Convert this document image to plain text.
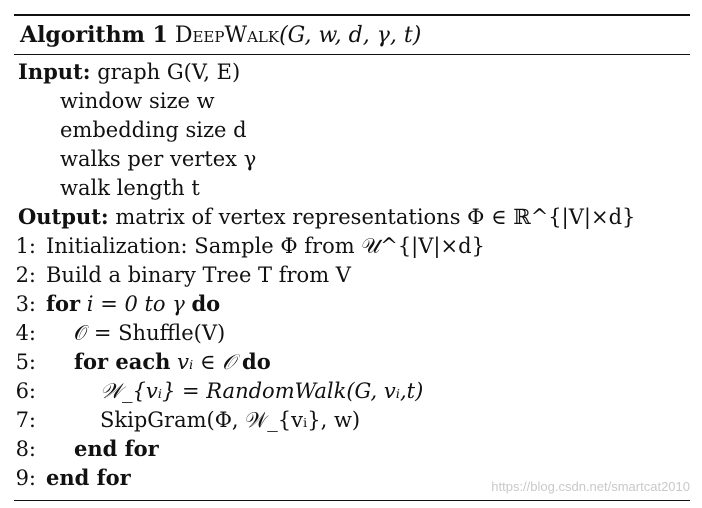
Algorithm 1 DeepWalk(G, w, d, γ, t)
Input: graph G(V, E)
window size w
embedding size d
walks per vertex γ
walk length t
Output: matrix of vertex representations Φ ∈ ℝ^{|V|×d}
1: Initialization: Sample Φ from 𝒰^{|V|×d}
2: Build a binary Tree T from V
3: for i = 0 to γ do
4: 𝒪 = Shuffle(V)
5: for each vᵢ ∈ 𝒪 do
6:	𝒲_{vᵢ} = RandomWalk(G, vᵢ,t)
7:	SkipGram(Φ, 𝒲_{vᵢ}, w)
8: end for
9: end for	https://blog.csdn.net/smartcat2010
